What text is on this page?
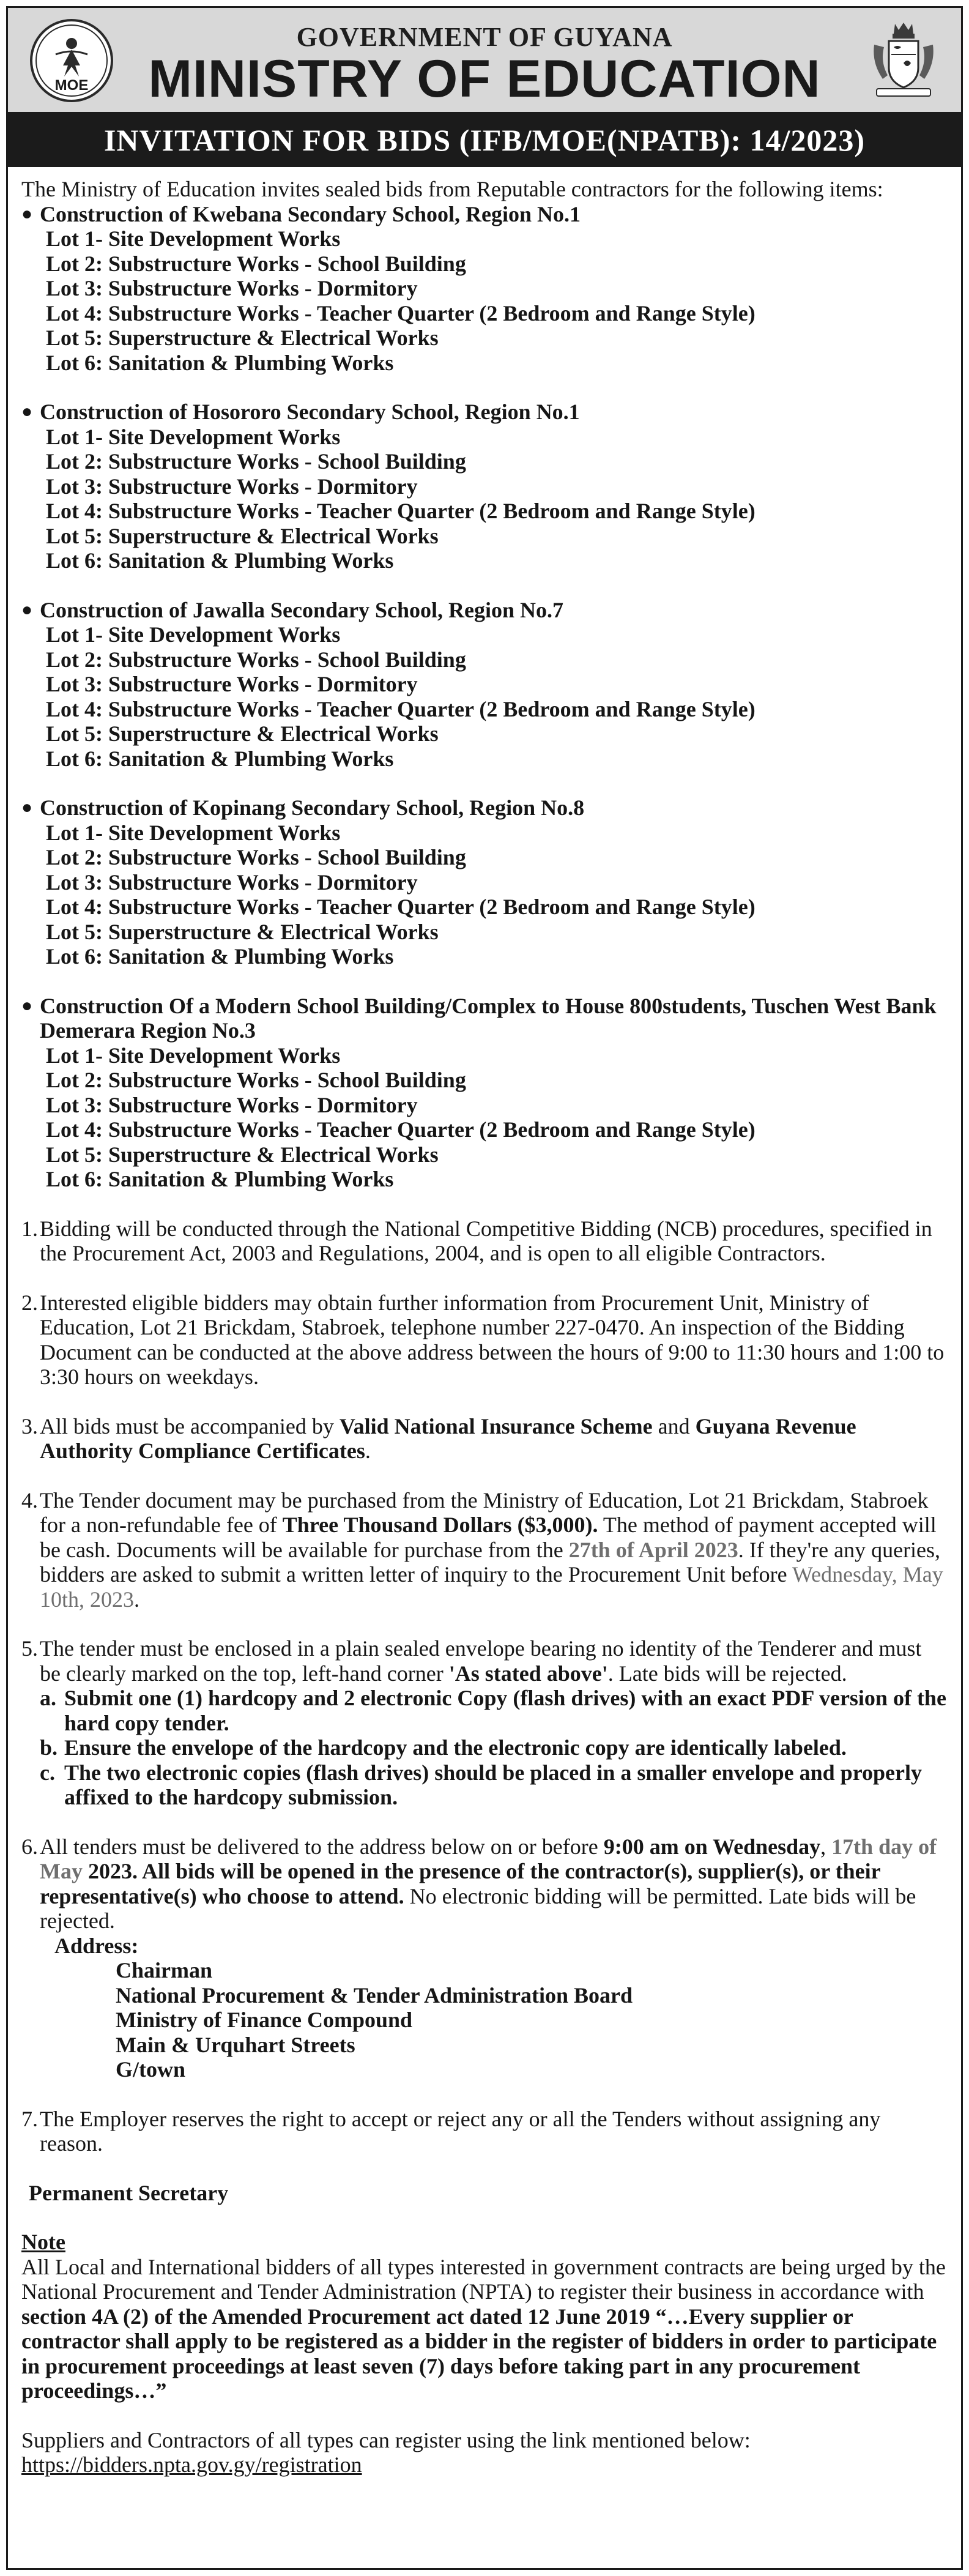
MOE
GOVERNMENT OF GUYANA
MINISTRY OF EDUCATION
INVITATION FOR BIDS (IFB/MOE(NPATB): 14/2023)
The Ministry of Education invites sealed bids from Reputable contractors for the following items:
● Construction of Kwebana Secondary School, Region No.1
Lot 1- Site Development Works
Lot 2: Substructure Works - School Building
Lot 3: Substructure Works - Dormitory
Lot 4: Substructure Works - Teacher Quarter (2 Bedroom and Range Style)
Lot 5: Superstructure & Electrical Works
Lot 6: Sanitation & Plumbing Works
● Construction of Hosororo Secondary School, Region No.1
Lot 1- Site Development Works
Lot 2: Substructure Works - School Building
Lot 3: Substructure Works - Dormitory
Lot 4: Substructure Works - Teacher Quarter (2 Bedroom and Range Style)
Lot 5: Superstructure & Electrical Works
Lot 6: Sanitation & Plumbing Works
● Construction of Jawalla Secondary School, Region No.7
Lot 1- Site Development Works
Lot 2: Substructure Works - School Building
Lot 3: Substructure Works - Dormitory
Lot 4: Substructure Works - Teacher Quarter (2 Bedroom and Range Style)
Lot 5: Superstructure & Electrical Works
Lot 6: Sanitation & Plumbing Works
● Construction of Kopinang Secondary School, Region No.8
Lot 1- Site Development Works
Lot 2: Substructure Works - School Building
Lot 3: Substructure Works - Dormitory
Lot 4: Substructure Works - Teacher Quarter (2 Bedroom and Range Style)
Lot 5: Superstructure & Electrical Works
Lot 6: Sanitation & Plumbing Works
● Construction Of a Modern School Building/Complex to House 800students, Tuschen West Bank Demerara Region No.3
Lot 1- Site Development Works
Lot 2: Substructure Works - School Building
Lot 3: Substructure Works - Dormitory
Lot 4: Substructure Works - Teacher Quarter (2 Bedroom and Range Style)
Lot 5: Superstructure & Electrical Works
Lot 6: Sanitation & Plumbing Works
1. Bidding will be conducted through the National Competitive Bidding (NCB) procedures, specified in the Procurement Act, 2003 and Regulations, 2004, and is open to all eligible Contractors.
2. Interested eligible bidders may obtain further information from Procurement Unit, Ministry of Education, Lot 21 Brickdam, Stabroek, telephone number 227-0470. An inspection of the Bidding Document can be conducted at the above address between the hours of 9:00 to 11:30 hours and 1:00 to 3:30 hours on weekdays.
3. All bids must be accompanied by Valid National Insurance Scheme and Guyana Revenue Authority Compliance Certificates.
4. The Tender document may be purchased from the Ministry of Education, Lot 21 Brickdam, Stabroek for a non-refundable fee of Three Thousand Dollars ($3,000). The method of payment accepted will be cash. Documents will be available for purchase from the 27th of April 2023. If they're any queries, bidders are asked to submit a written letter of inquiry to the Procurement Unit before Wednesday, May 10th, 2023.
5. The tender must be enclosed in a plain sealed envelope bearing no identity of the Tenderer and must be clearly marked on the top, left-hand corner 'As stated above'. Late bids will be rejected.
a. Submit one (1) hardcopy and 2 electronic Copy (flash drives) with an exact PDF version of the hard copy tender.
b. Ensure the envelope of the hardcopy and the electronic copy are identically labeled.
c. The two electronic copies (flash drives) should be placed in a smaller envelope and properly affixed to the hardcopy submission.
6. All tenders must be delivered to the address below on or before 9:00 am on Wednesday, 17th day of May 2023. All bids will be opened in the presence of the contractor(s), supplier(s), or their representative(s) who choose to attend. No electronic bidding will be permitted. Late bids will be rejected.
Address:
Chairman
National Procurement & Tender Administration Board
Ministry of Finance Compound
Main & Urquhart Streets
G/town
7. The Employer reserves the right to accept or reject any or all the Tenders without assigning any reason.
Permanent Secretary
Note
All Local and International bidders of all types interested in government contracts are being urged by the National Procurement and Tender Administration (NPTA) to register their business in accordance with section 4A (2) of the Amended Procurement act dated 12 June 2019 “…Every supplier or contractor shall apply to be registered as a bidder in the register of bidders in order to participate in procurement proceedings at least seven (7) days before taking part in any procurement proceedings…”
Suppliers and Contractors of all types can register using the link mentioned below:
https://bidders.npta.gov.gy/registration
